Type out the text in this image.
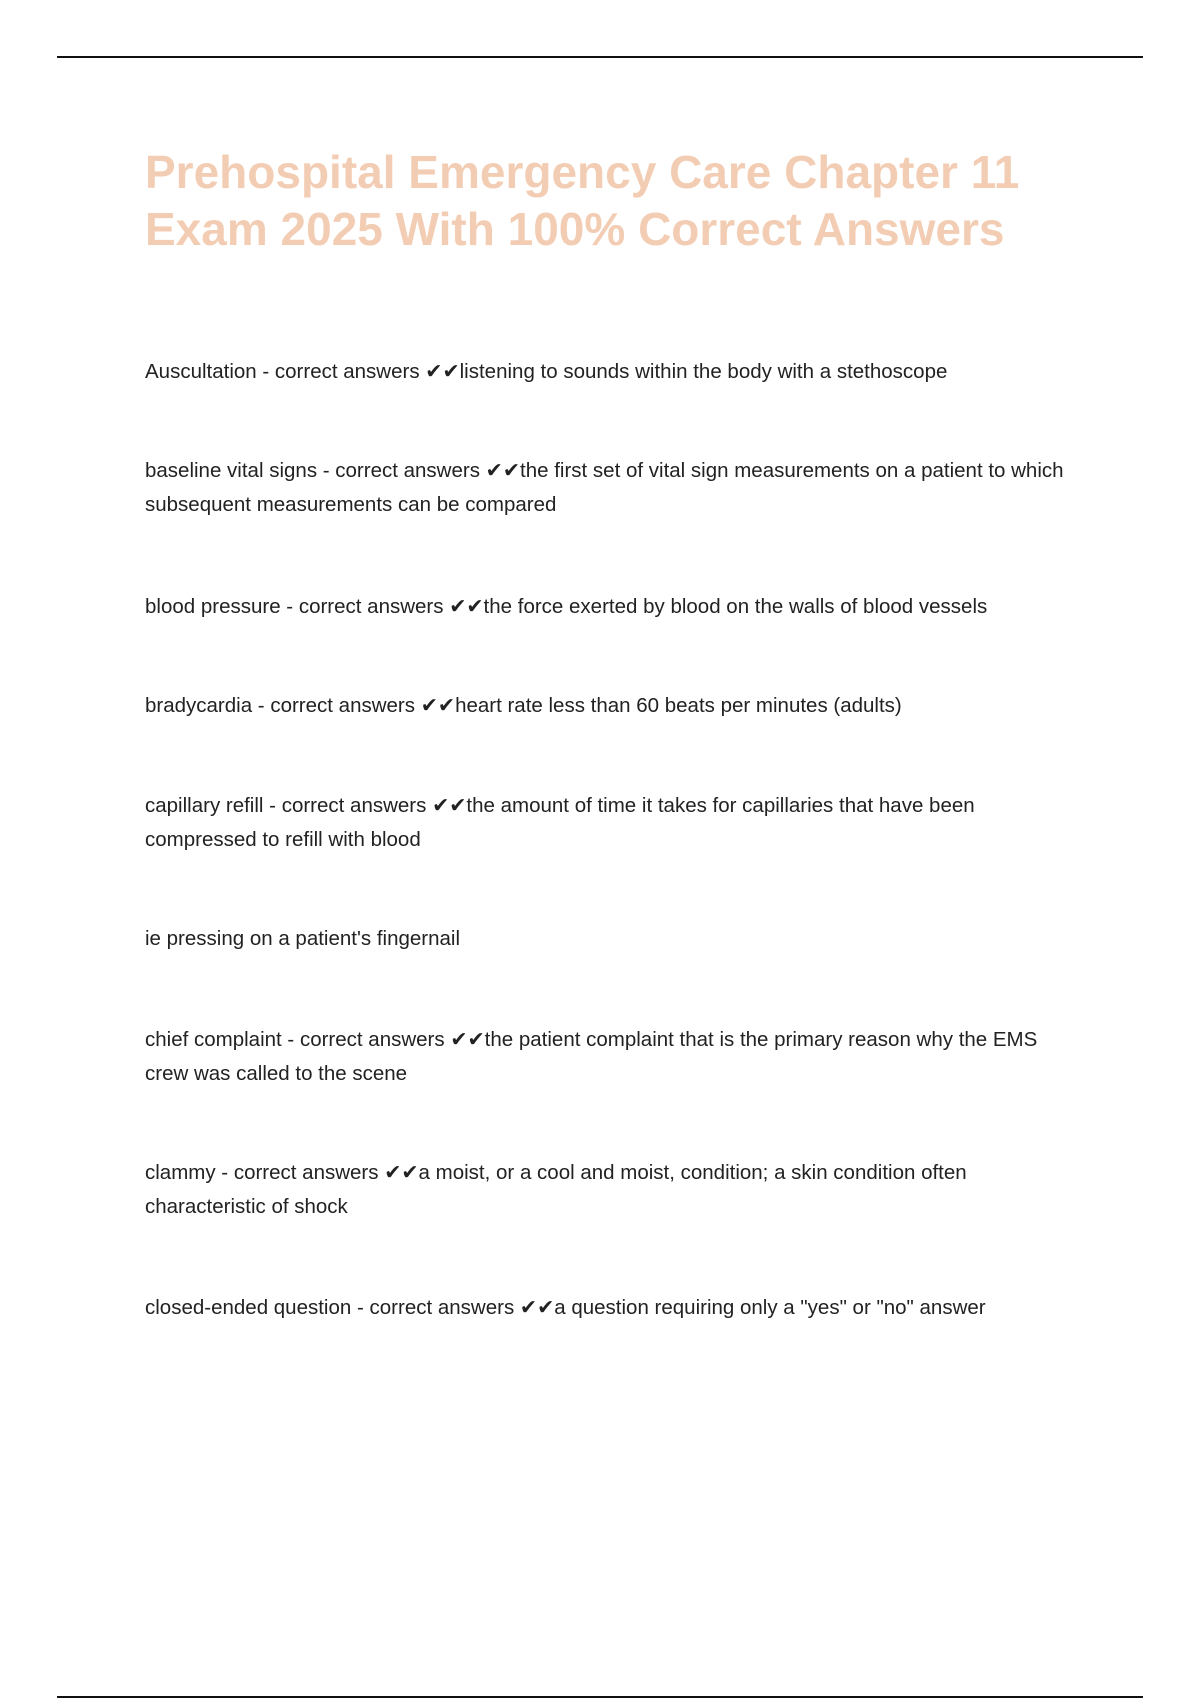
Prehospital Emergency Care Chapter 11 Exam 2025 With 100% Correct Answers

Auscultation - correct answers ✔✔listening to sounds within the body with a stethoscope

baseline vital signs - correct answers ✔✔the first set of vital sign measurements on a patient to which subsequent measurements can be compared

blood pressure - correct answers ✔✔the force exerted by blood on the walls of blood vessels

bradycardia - correct answers ✔✔heart rate less than 60 beats per minutes (adults)

capillary refill - correct answers ✔✔the amount of time it takes for capillaries that have been compressed to refill with blood

ie pressing on a patient's fingernail

chief complaint - correct answers ✔✔the patient complaint that is the primary reason why the EMS crew was called to the scene

clammy - correct answers ✔✔a moist, or a cool and moist, condition; a skin condition often characteristic of shock

closed-ended question - correct answers ✔✔a question requiring only a "yes" or "no" answer
